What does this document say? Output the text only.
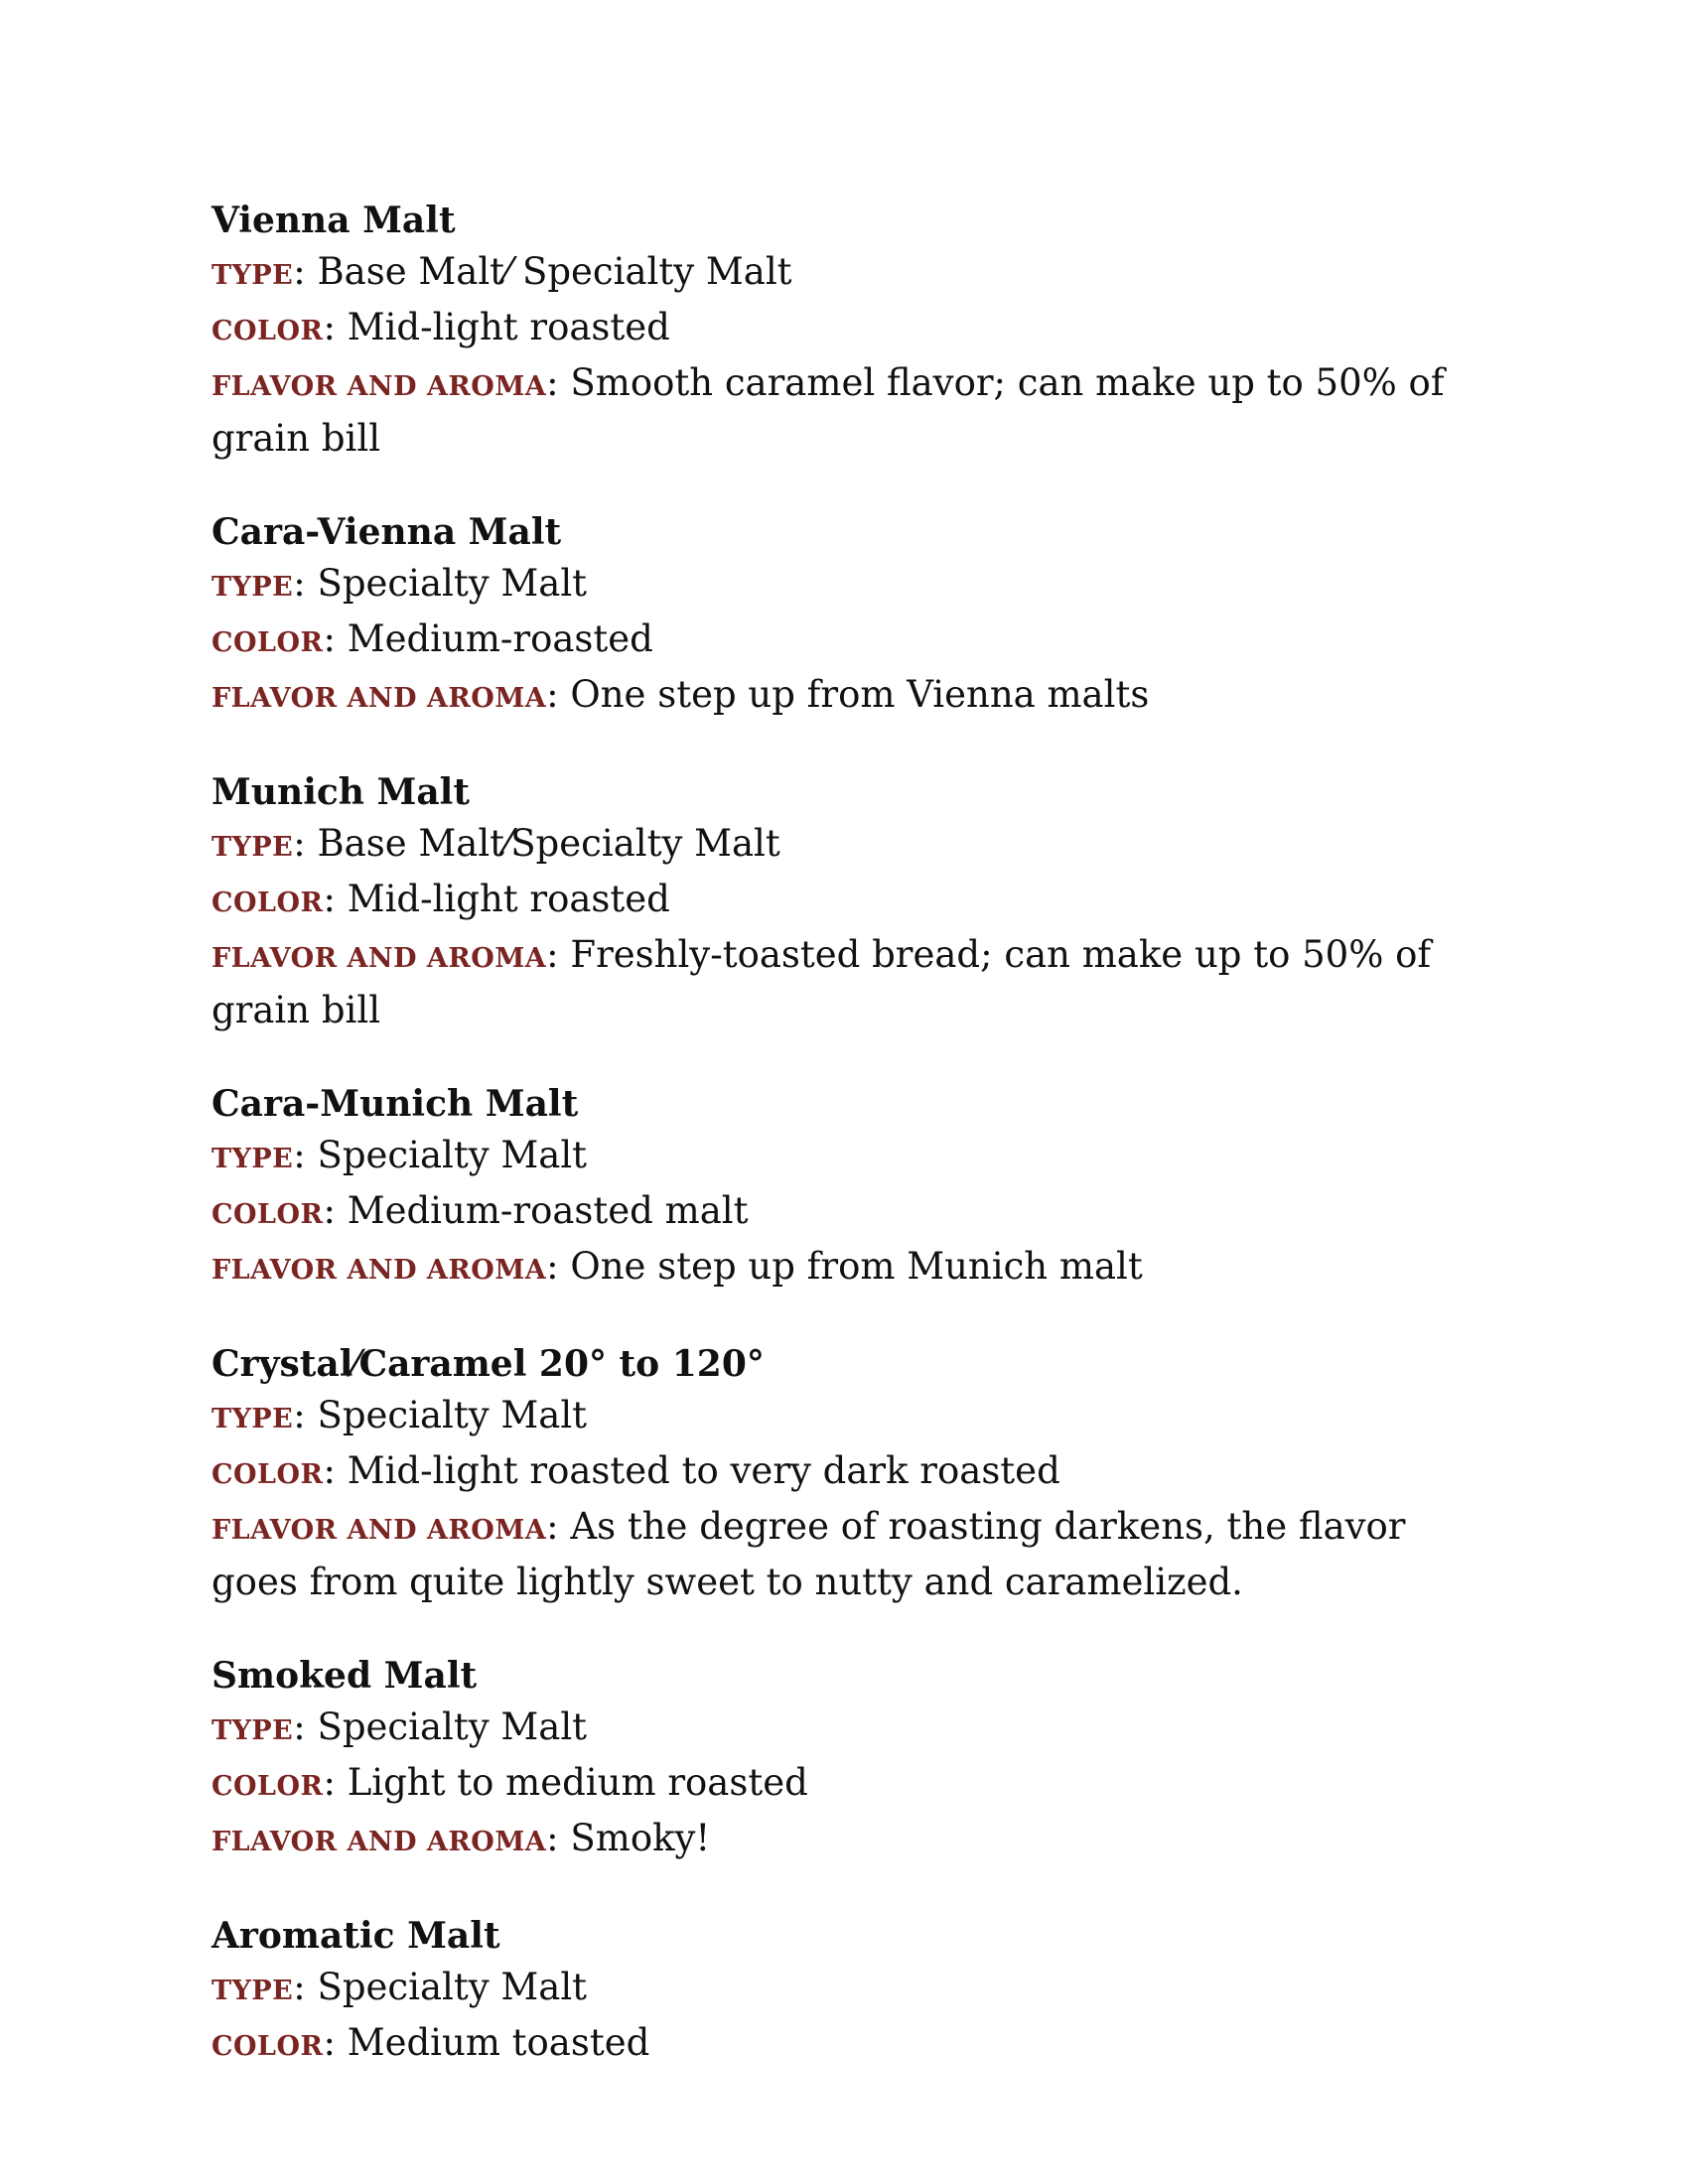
Vienna Malt

TYPE: Base Malt⁄ Specialty Malt

COLOR: Mid-light roasted

FLAVOR AND AROMA: Smooth caramel flavor; can make up to 50% of grain bill

Cara-Vienna Malt

TYPE: Specialty Malt

COLOR: Medium-roasted

FLAVOR AND AROMA: One step up from Vienna malts

Munich Malt

TYPE: Base Malt⁄Specialty Malt

COLOR: Mid-light roasted

FLAVOR AND AROMA: Freshly-toasted bread; can make up to 50% of grain bill

Cara-Munich Malt

TYPE: Specialty Malt

COLOR: Medium-roasted malt

FLAVOR AND AROMA: One step up from Munich malt

Crystal⁄Caramel 20° to 120°

TYPE: Specialty Malt

COLOR: Mid-light roasted to very dark roasted

FLAVOR AND AROMA: As the degree of roasting darkens, the flavor goes from quite lightly sweet to nutty and caramelized.

Smoked Malt

TYPE: Specialty Malt

COLOR: Light to medium roasted

FLAVOR AND AROMA: Smoky!

Aromatic Malt

TYPE: Specialty Malt

COLOR: Medium toasted
